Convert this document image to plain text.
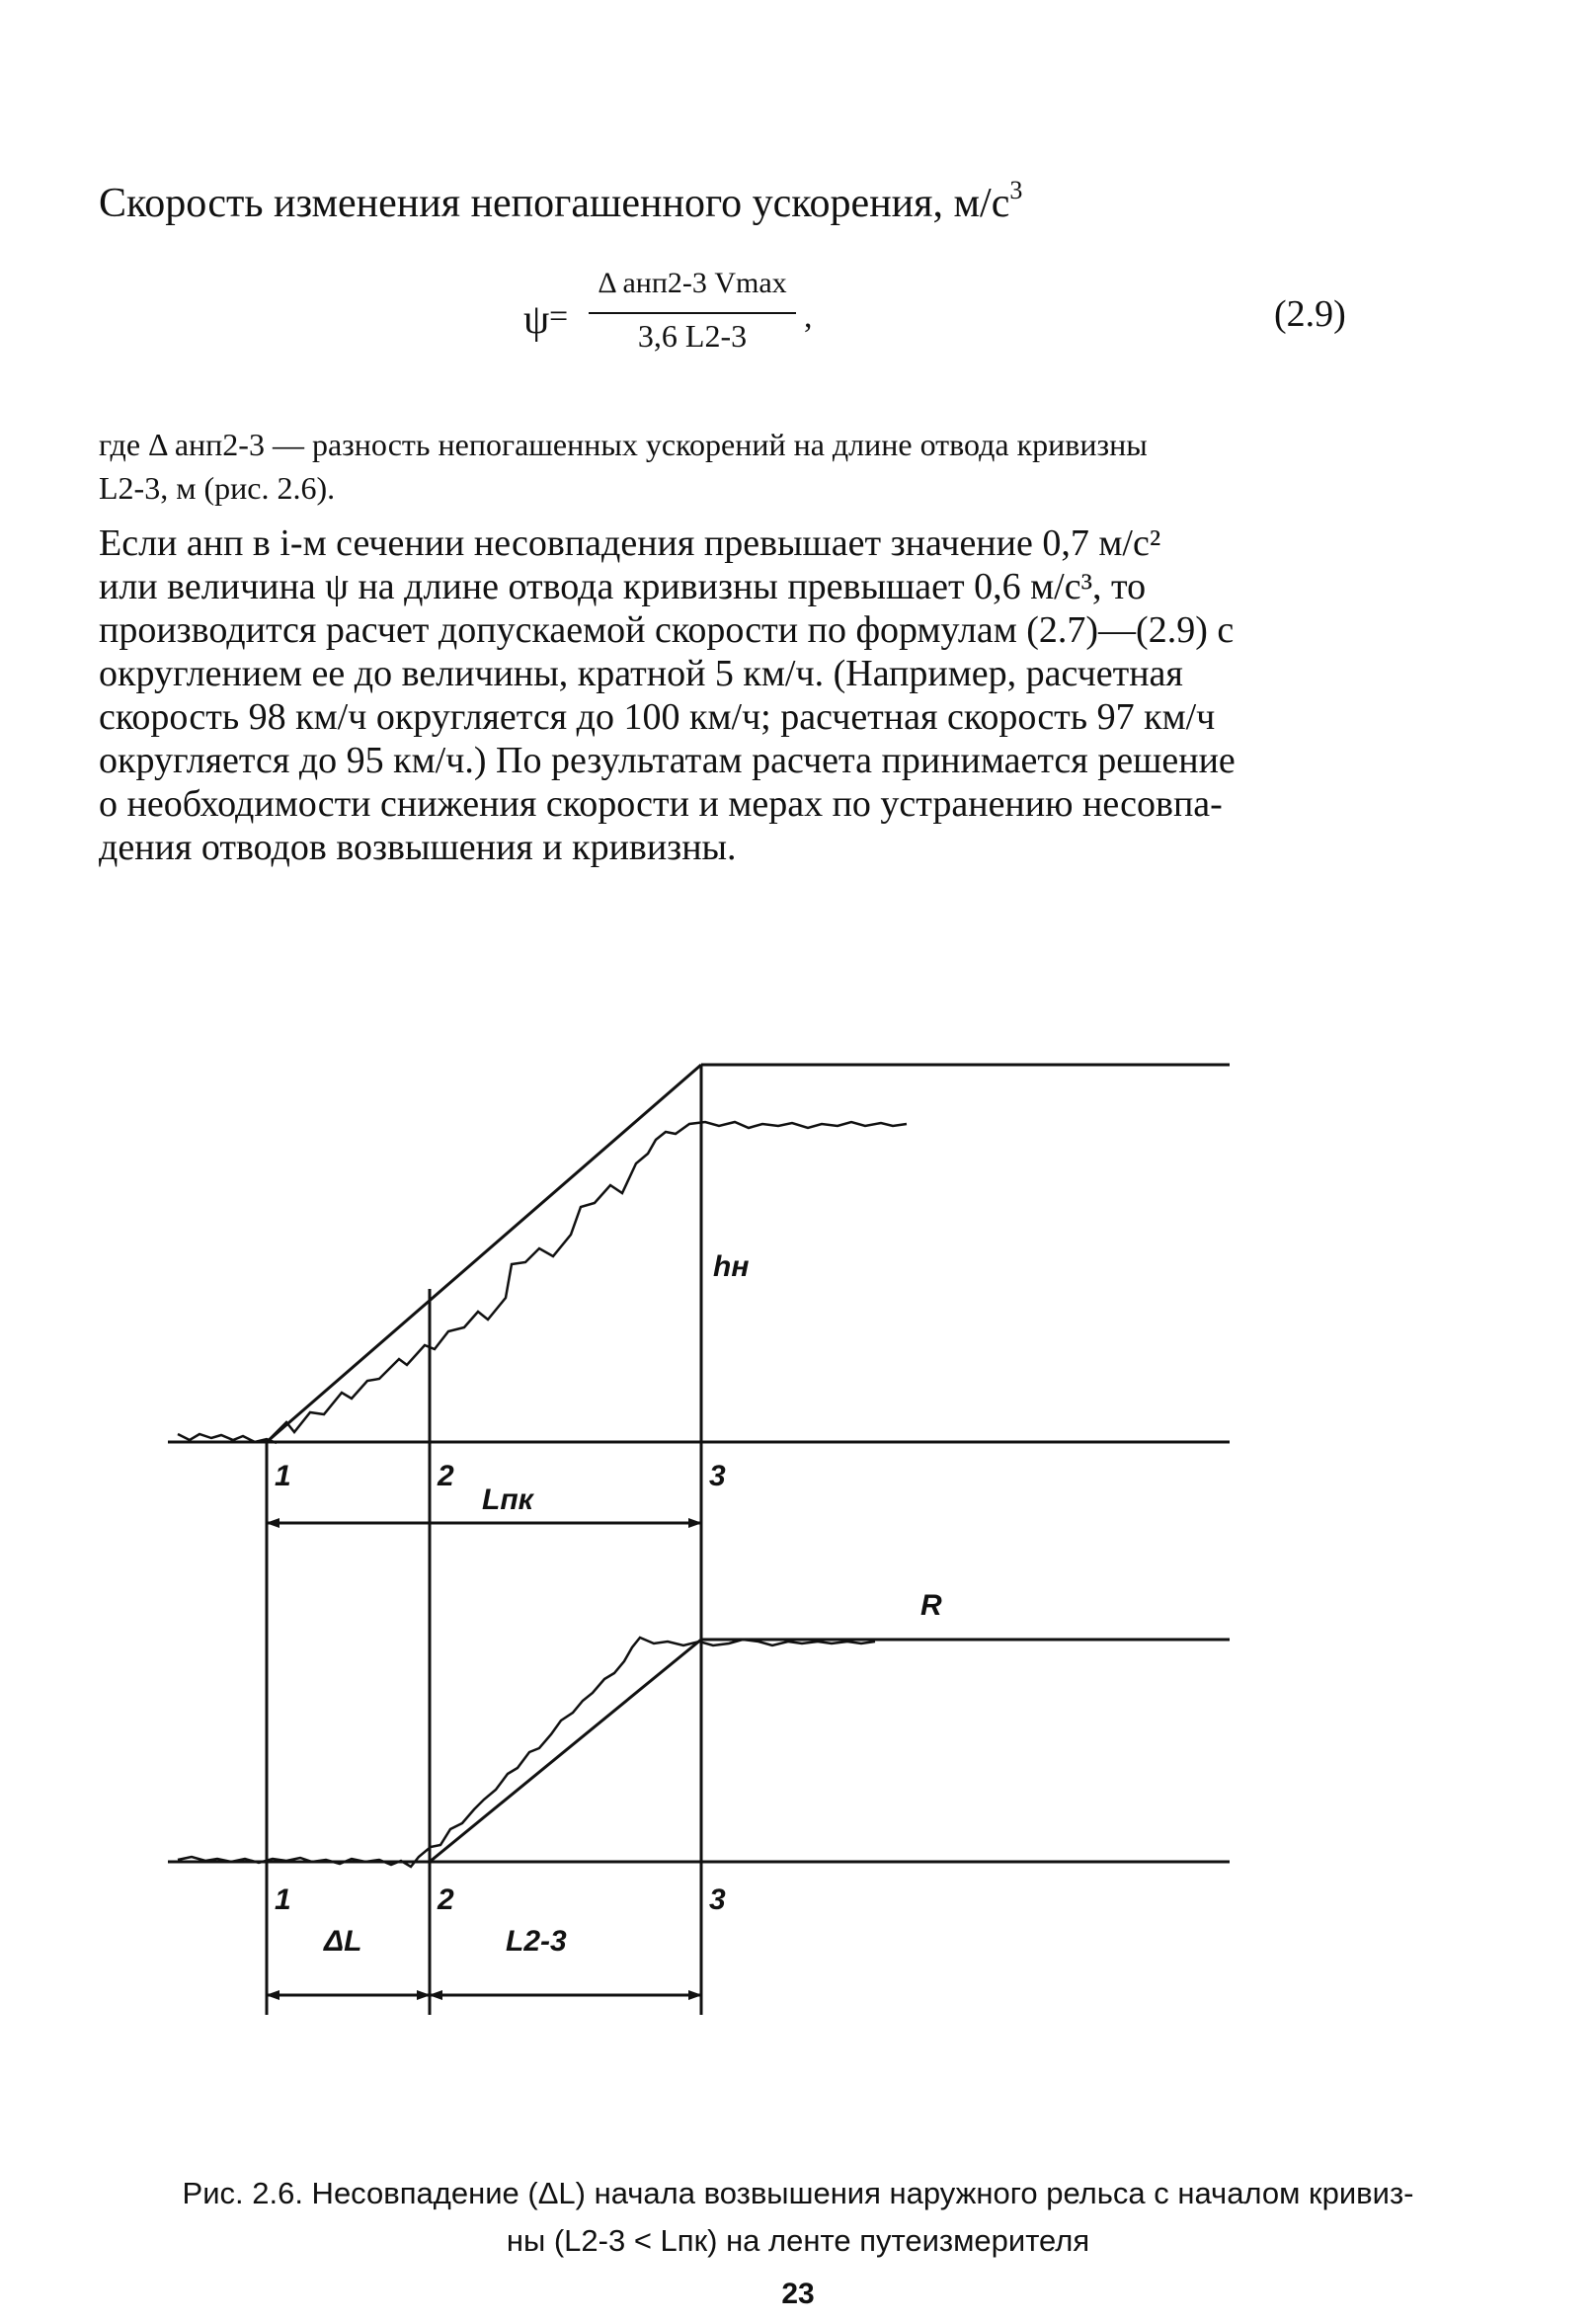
Скорость изменения непогашенного ускорения, $м/с^3$
ψ =
Δ aнп2-3 Vmax
3,6 L2-3
,	(2.9)

где Δ aнп2-3 — разность непогашенных ускорений на длине отвода кривизны

L2-3, м (рис. 2.6).

Если aнп в i-м сечении несовпадения превышает значение 0,7 м/с²

или величина ψ на длине отвода кривизны превышает 0,6 м/с³, то

производится расчет допускаемой скорости по формулам (2.7)—(2.9) с

округлением ее до величины, кратной 5 км/ч. (Например, расчетная

скорость 98 км/ч округляется до 100 км/ч; расчетная скорость 97 км/ч

округляется до 95 км/ч.) По результатам расчета принимается решение

о необходимости снижения скорости и мерах по устранению несовпа-

дения отводов возвышения и кривизны.

1	2	3
Lпк
hн
R
1	2	3
ΔL	L2-3

Рис. 2.6. Несовпадение (ΔL) начала возвышения наружного рельса с началом кривиз-

ны (L2-3 < Lпк) на ленте путеизмерителя

23
